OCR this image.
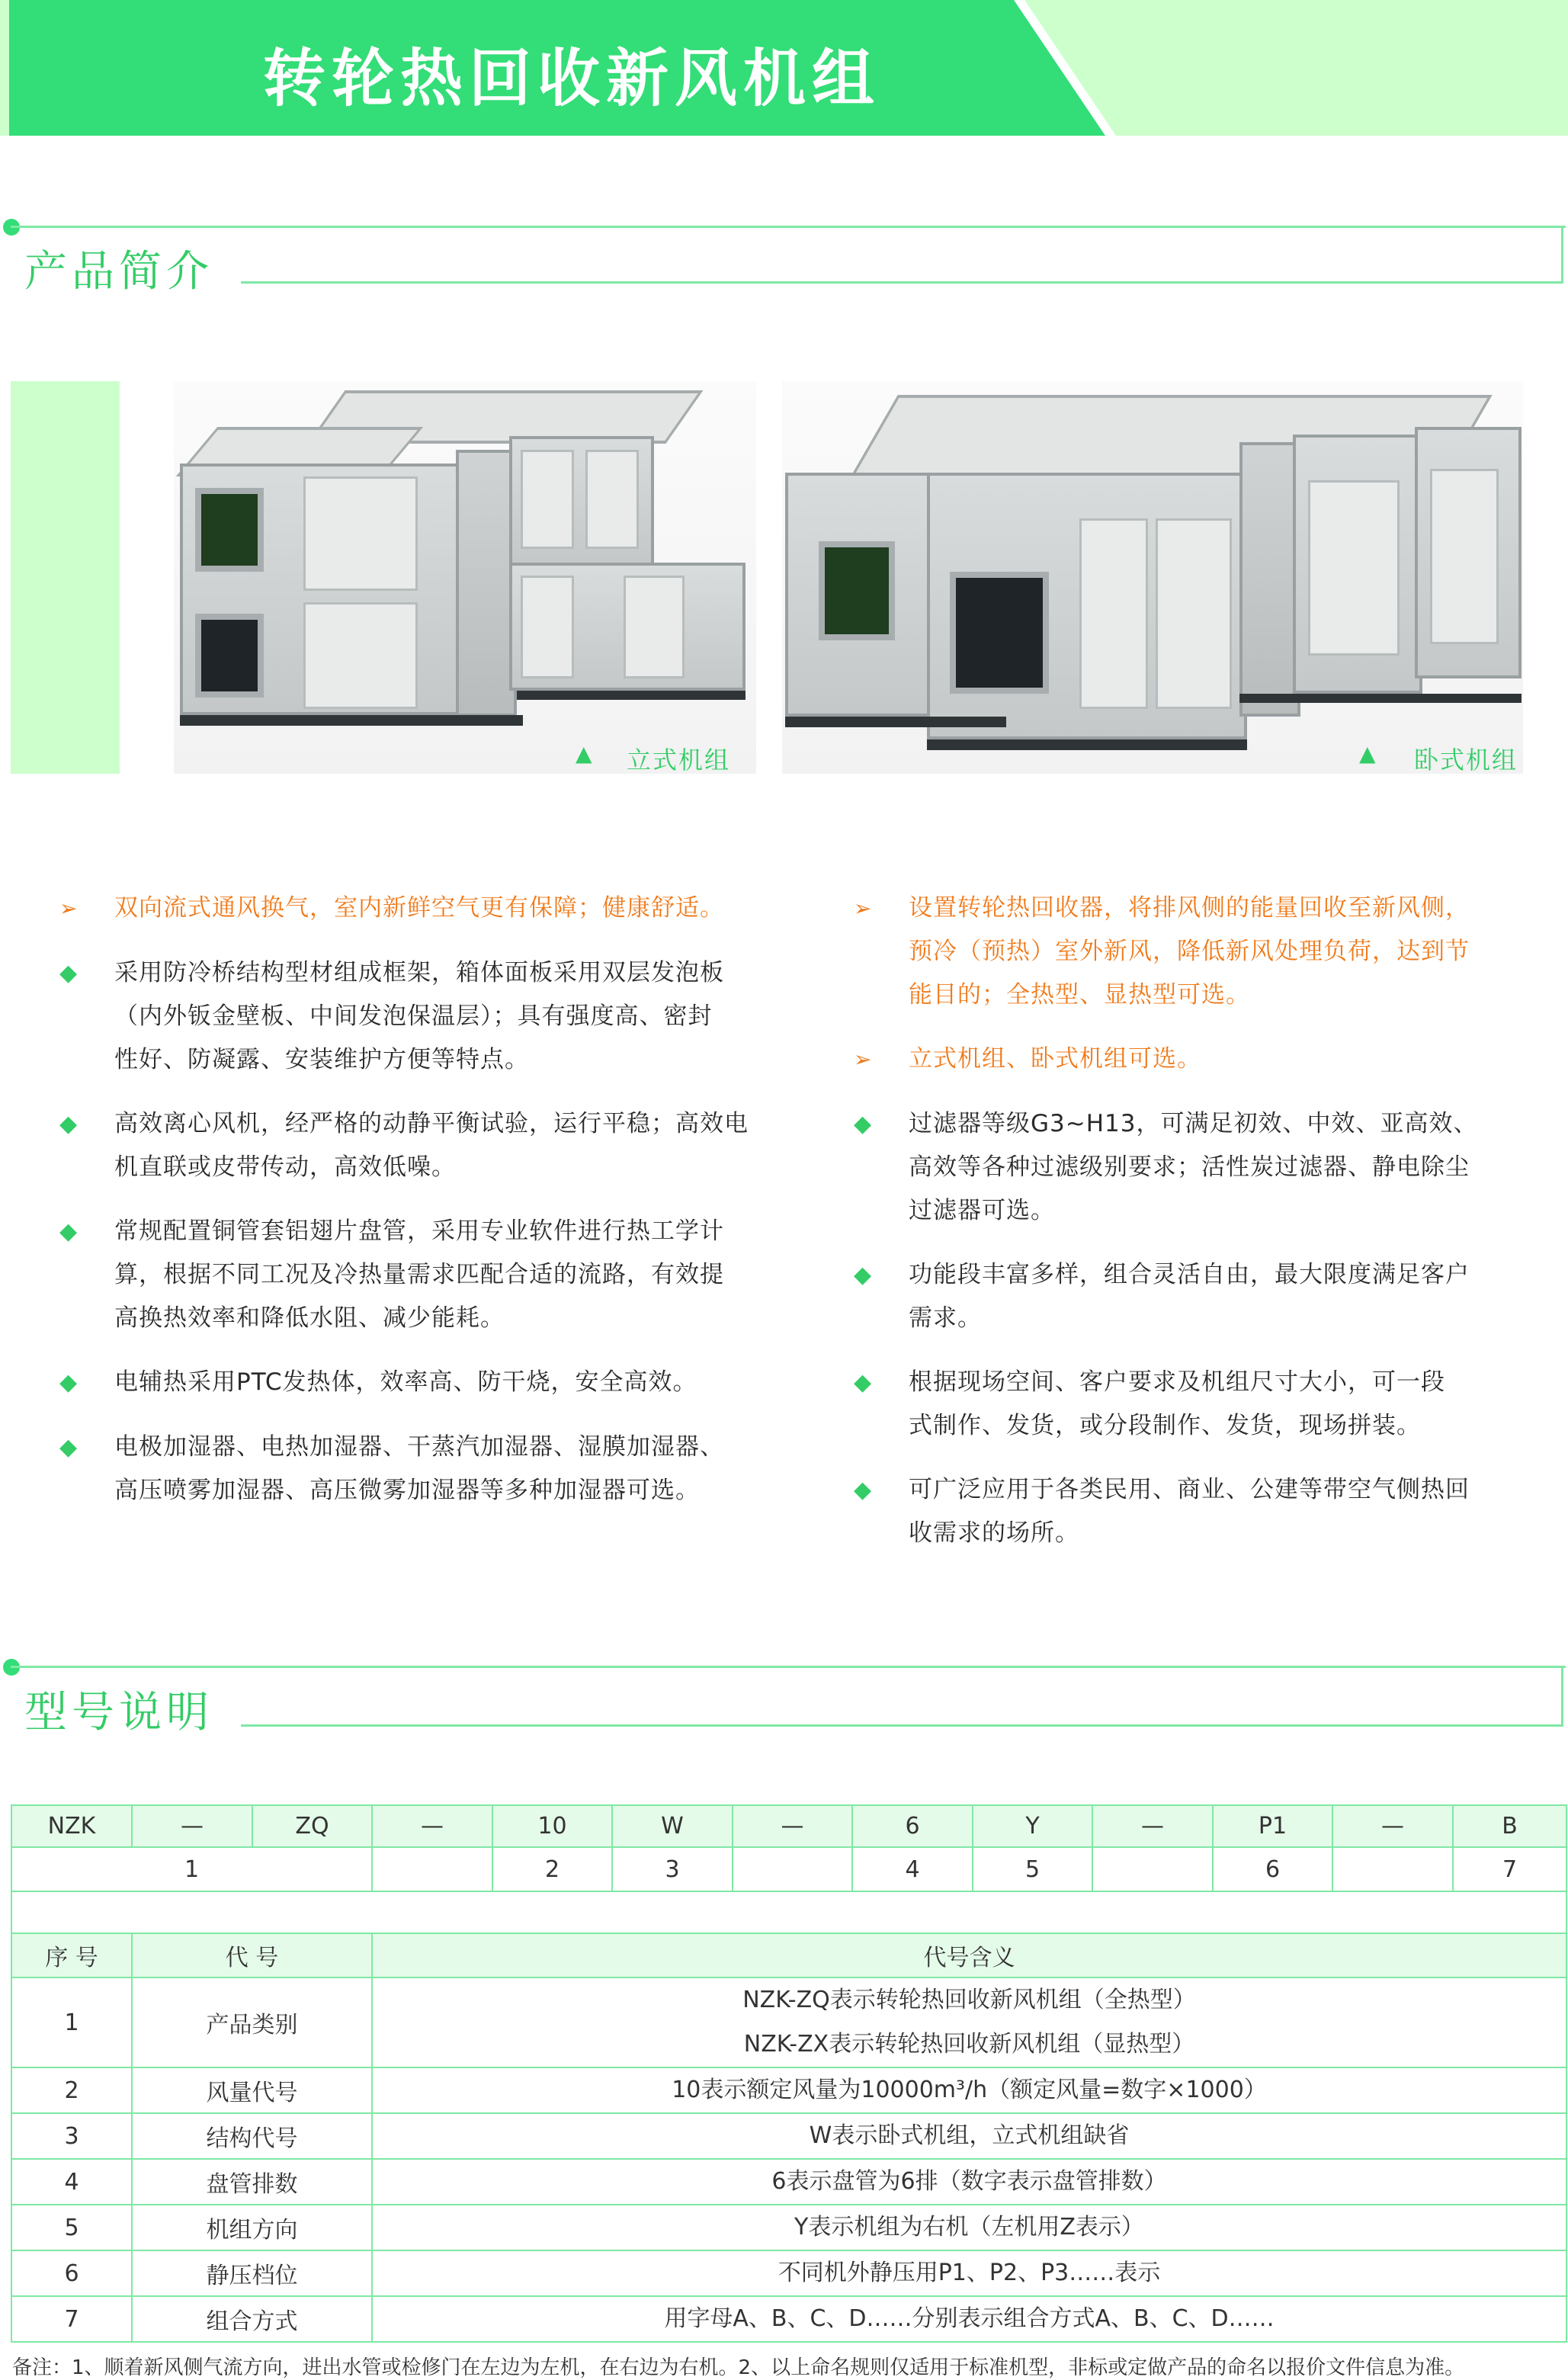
转轮热回收新风机组
产品简介
▲ 立式机组	▲ 卧式机组
➢ 双向流式通风换气，室内新鲜空气更有保障；健康舒适。
◆ 采用防冷桥结构型材组成框架，箱体面板采用双层发泡板
（内外钣金壁板、中间发泡保温层）；具有强度高、密封
性好、防凝露、安装维护方便等特点。
◆ 高效离心风机，经严格的动静平衡试验，运行平稳；高效电
机直联或皮带传动，高效低噪。
◆ 常规配置铜管套铝翅片盘管，采用专业软件进行热工学计
算，根据不同工况及冷热量需求匹配合适的流路，有效提
高换热效率和降低水阻、减少能耗。
◆ 电辅热采用PTC发热体，效率高、防干烧，安全高效。
◆ 电极加湿器、电热加湿器、干蒸汽加湿器、湿膜加湿器、
高压喷雾加湿器、高压微雾加湿器等多种加湿器可选。
➢ 设置转轮热回收器，将排风侧的能量回收至新风侧，
预冷（预热）室外新风，降低新风处理负荷，达到节
能目的；全热型、显热型可选。
➢ 立式机组、卧式机组可选。
◆ 过滤器等级G3~H13，可满足初效、中效、亚高效、
高效等各种过滤级别要求；活性炭过滤器、静电除尘
过滤器可选。
◆ 功能段丰富多样，组合灵活自由，最大限度满足客户
需求。
◆ 根据现场空间、客户要求及机组尺寸大小，可一段
式制作、发货，或分段制作、发货，现场拼装。
◆ 可广泛应用于各类民用、商业、公建等带空气侧热回
收需求的场所。
型号说明
NZK	—	ZQ	—	10	W	—	6	Y	—	P1	—	B
1				2	3		4	5		6		7

序 号	代 号	代号含义
1	产品类别	NZK-ZQ表示转轮热回收新风机组（全热型）
NZK-ZX表示转轮热回收新风机组（显热型）

2	风量代号	10表示额定风量为10000m³/h（额定风量=数字×1000）

3	结构代号	W表示卧式机组，立式机组缺省

4	盘管排数	6表示盘管为6排（数字表示盘管排数）

5	机组方向	Y表示机组为右机（左机用Z表示）

6	静压档位	不同机外静压用P1、P2、P3……表示

7	组合方式	用字母A、B、C、D……分别表示组合方式A、B、C、D……
备注：1、顺着新风侧气流方向，进出水管或检修门在左边为左机，在右边为右机。2、以上命名规则仅适用于标准机型，非标或定做产品的命名以报价文件信息为准。
